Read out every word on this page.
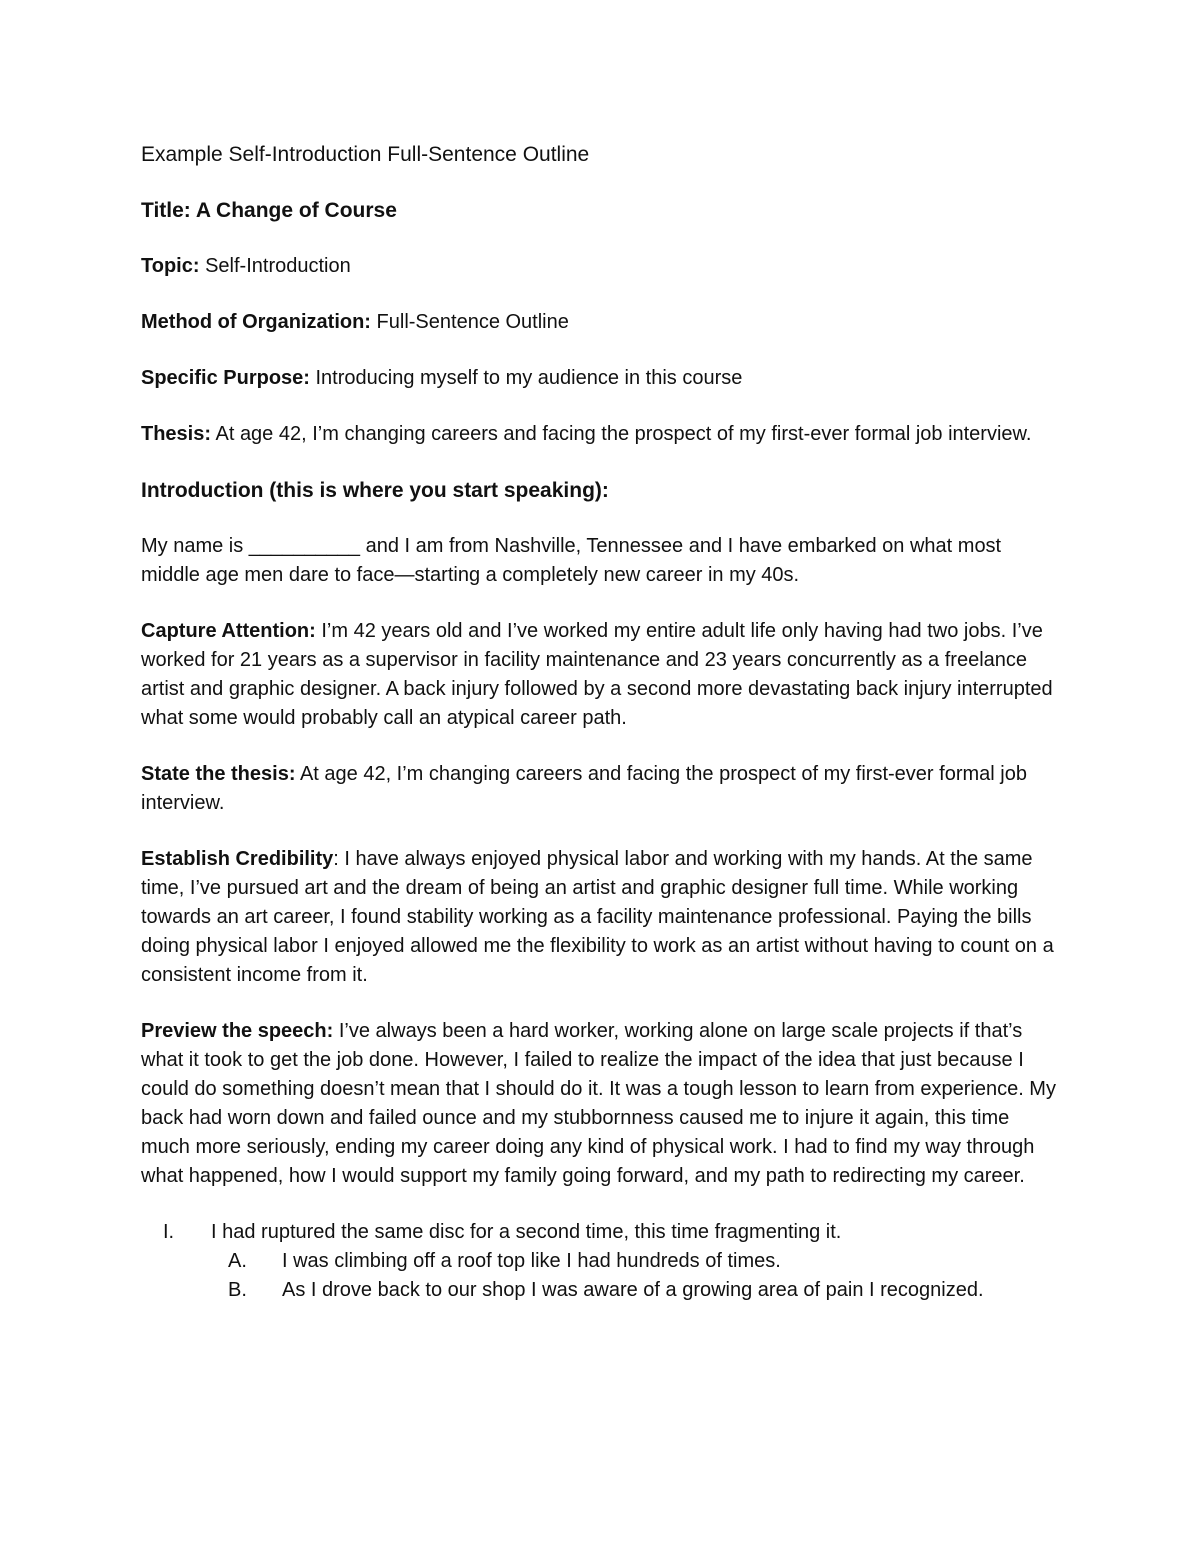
Example Self-Introduction Full-Sentence Outline

Title: A Change of Course

Topic: Self-Introduction

Method of Organization: Full-Sentence Outline

Specific Purpose: Introducing myself to my audience in this course

Thesis: At age 42, I’m changing careers and facing the prospect of my first-ever formal job interview.

Introduction (this is where you start speaking):

My name is __________ and I am from Nashville, Tennessee and I have embarked on what most middle age men dare to face—starting a completely new career in my 40s.

Capture Attention: I’m 42 years old and I’ve worked my entire adult life only having had two jobs. I’ve worked for 21 years as a supervisor in facility maintenance and 23 years concurrently as a freelance artist and graphic designer. A back injury followed by a second more devastating back injury interrupted what some would probably call an atypical career path.

State the thesis: At age 42, I’m changing careers and facing the prospect of my first-ever formal job interview.

Establish Credibility: I have always enjoyed physical labor and working with my hands. At the same time, I’ve pursued art and the dream of being an artist and graphic designer full time. While working towards an art career, I found stability working as a facility maintenance professional. Paying the bills doing physical labor I enjoyed allowed me the flexibility to work as an artist without having to count on a consistent income from it.

Preview the speech: I’ve always been a hard worker, working alone on large scale projects if that’s what it took to get the job done. However, I failed to realize the impact of the idea that just because I could do something doesn’t mean that I should do it. It was a tough lesson to learn from experience. My back had worn down and failed ounce and my stubbornness caused me to injure it again, this time much more seriously, ending my career doing any kind of physical work. I had to find my way through what happened, how I would support my family going forward, and my path to redirecting my career.

I. I had ruptured the same disc for a second time, this time fragmenting it.
A. I was climbing off a roof top like I had hundreds of times.
B. As I drove back to our shop I was aware of a growing area of pain I recognized.
